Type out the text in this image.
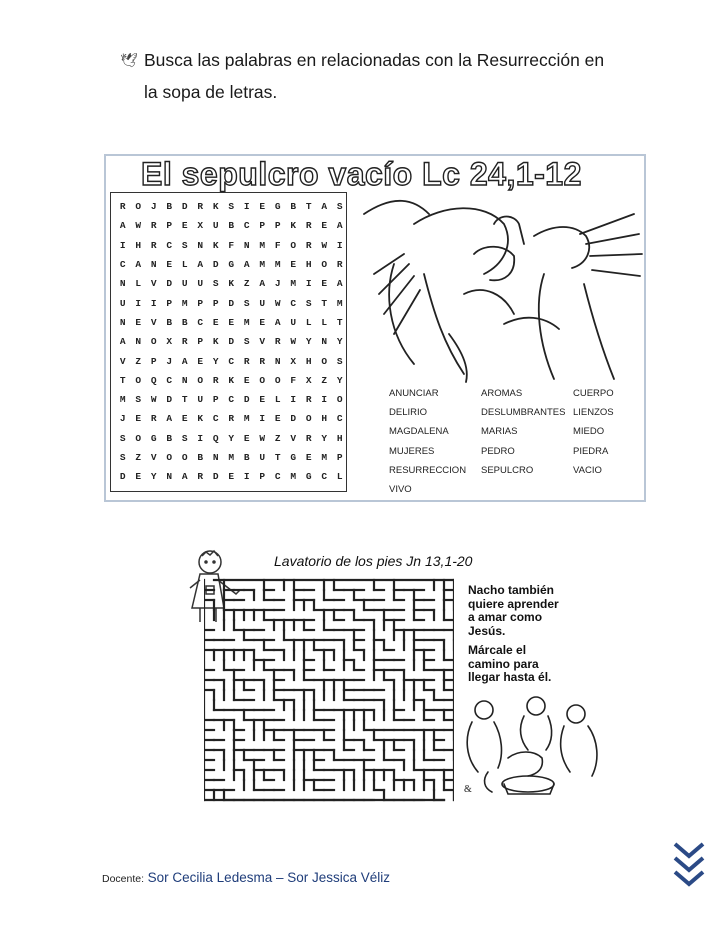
🕊 Busca las palabras en relacionadas con la Resurrección en
la sopa de letras.
El sepulcro vacío Lc 24,1-12
R	O	J	B	D	R	K	S	I	E	G	B	T	A	S
A	W	R	P	E	X	U	B	C	P	P	K	R	E	A
I	H	R	C	S	N	K	F	N	M	F	O	R	W	I
C	A	N	E	L	A	D	G	A	M	M	E	H	O	R
N	L	V	D	U	U	S	K	Z	A	J	M	I	E	A
U	I	I	P	M	P	P	D	S	U	W	C	S	T	M
N	E	V	B	B	C	E	E	M	E	A	U	L	L	T
A	N	O	X	R	P	K	D	S	V	R	W	Y	N	Y
V	Z	P	J	A	E	Y	C	R	R	N	X	H	O	S
T	O	Q	C	N	O	R	K	E	O	O	F	X	Z	Y
M	S	W	D	T	U	P	C	D	E	L	I	R	I	O
J	E	R	A	E	K	C	R	M	I	E	D	O	H	C
S	O	G	B	S	I	Q	Y	E	W	Z	V	R	Y	H
S	Z	V	O	O	B	N	M	B	U	T	G	E	M	P
D	E	Y	N	A	R	D	E	I	P	C	M	G	C	L
ANUNCIAR	AROMAS	CUERPO
DELIRIO	DESLUMBRANTES LIENZOS
MAGDALENA	MARIAS	MIEDO
MUJERES	PEDRO	PIEDRA
RESURRECCION	SEPULCRO	VACIO
VIVO
Lavatorio de los pies Jn 13,1-20

Nacho también
quiere aprender
a amar como
Jesús.

Márcale el
camino para
llegar hasta él.

&
Docente: Sor Cecilia Ledesma – Sor Jessica Véliz
